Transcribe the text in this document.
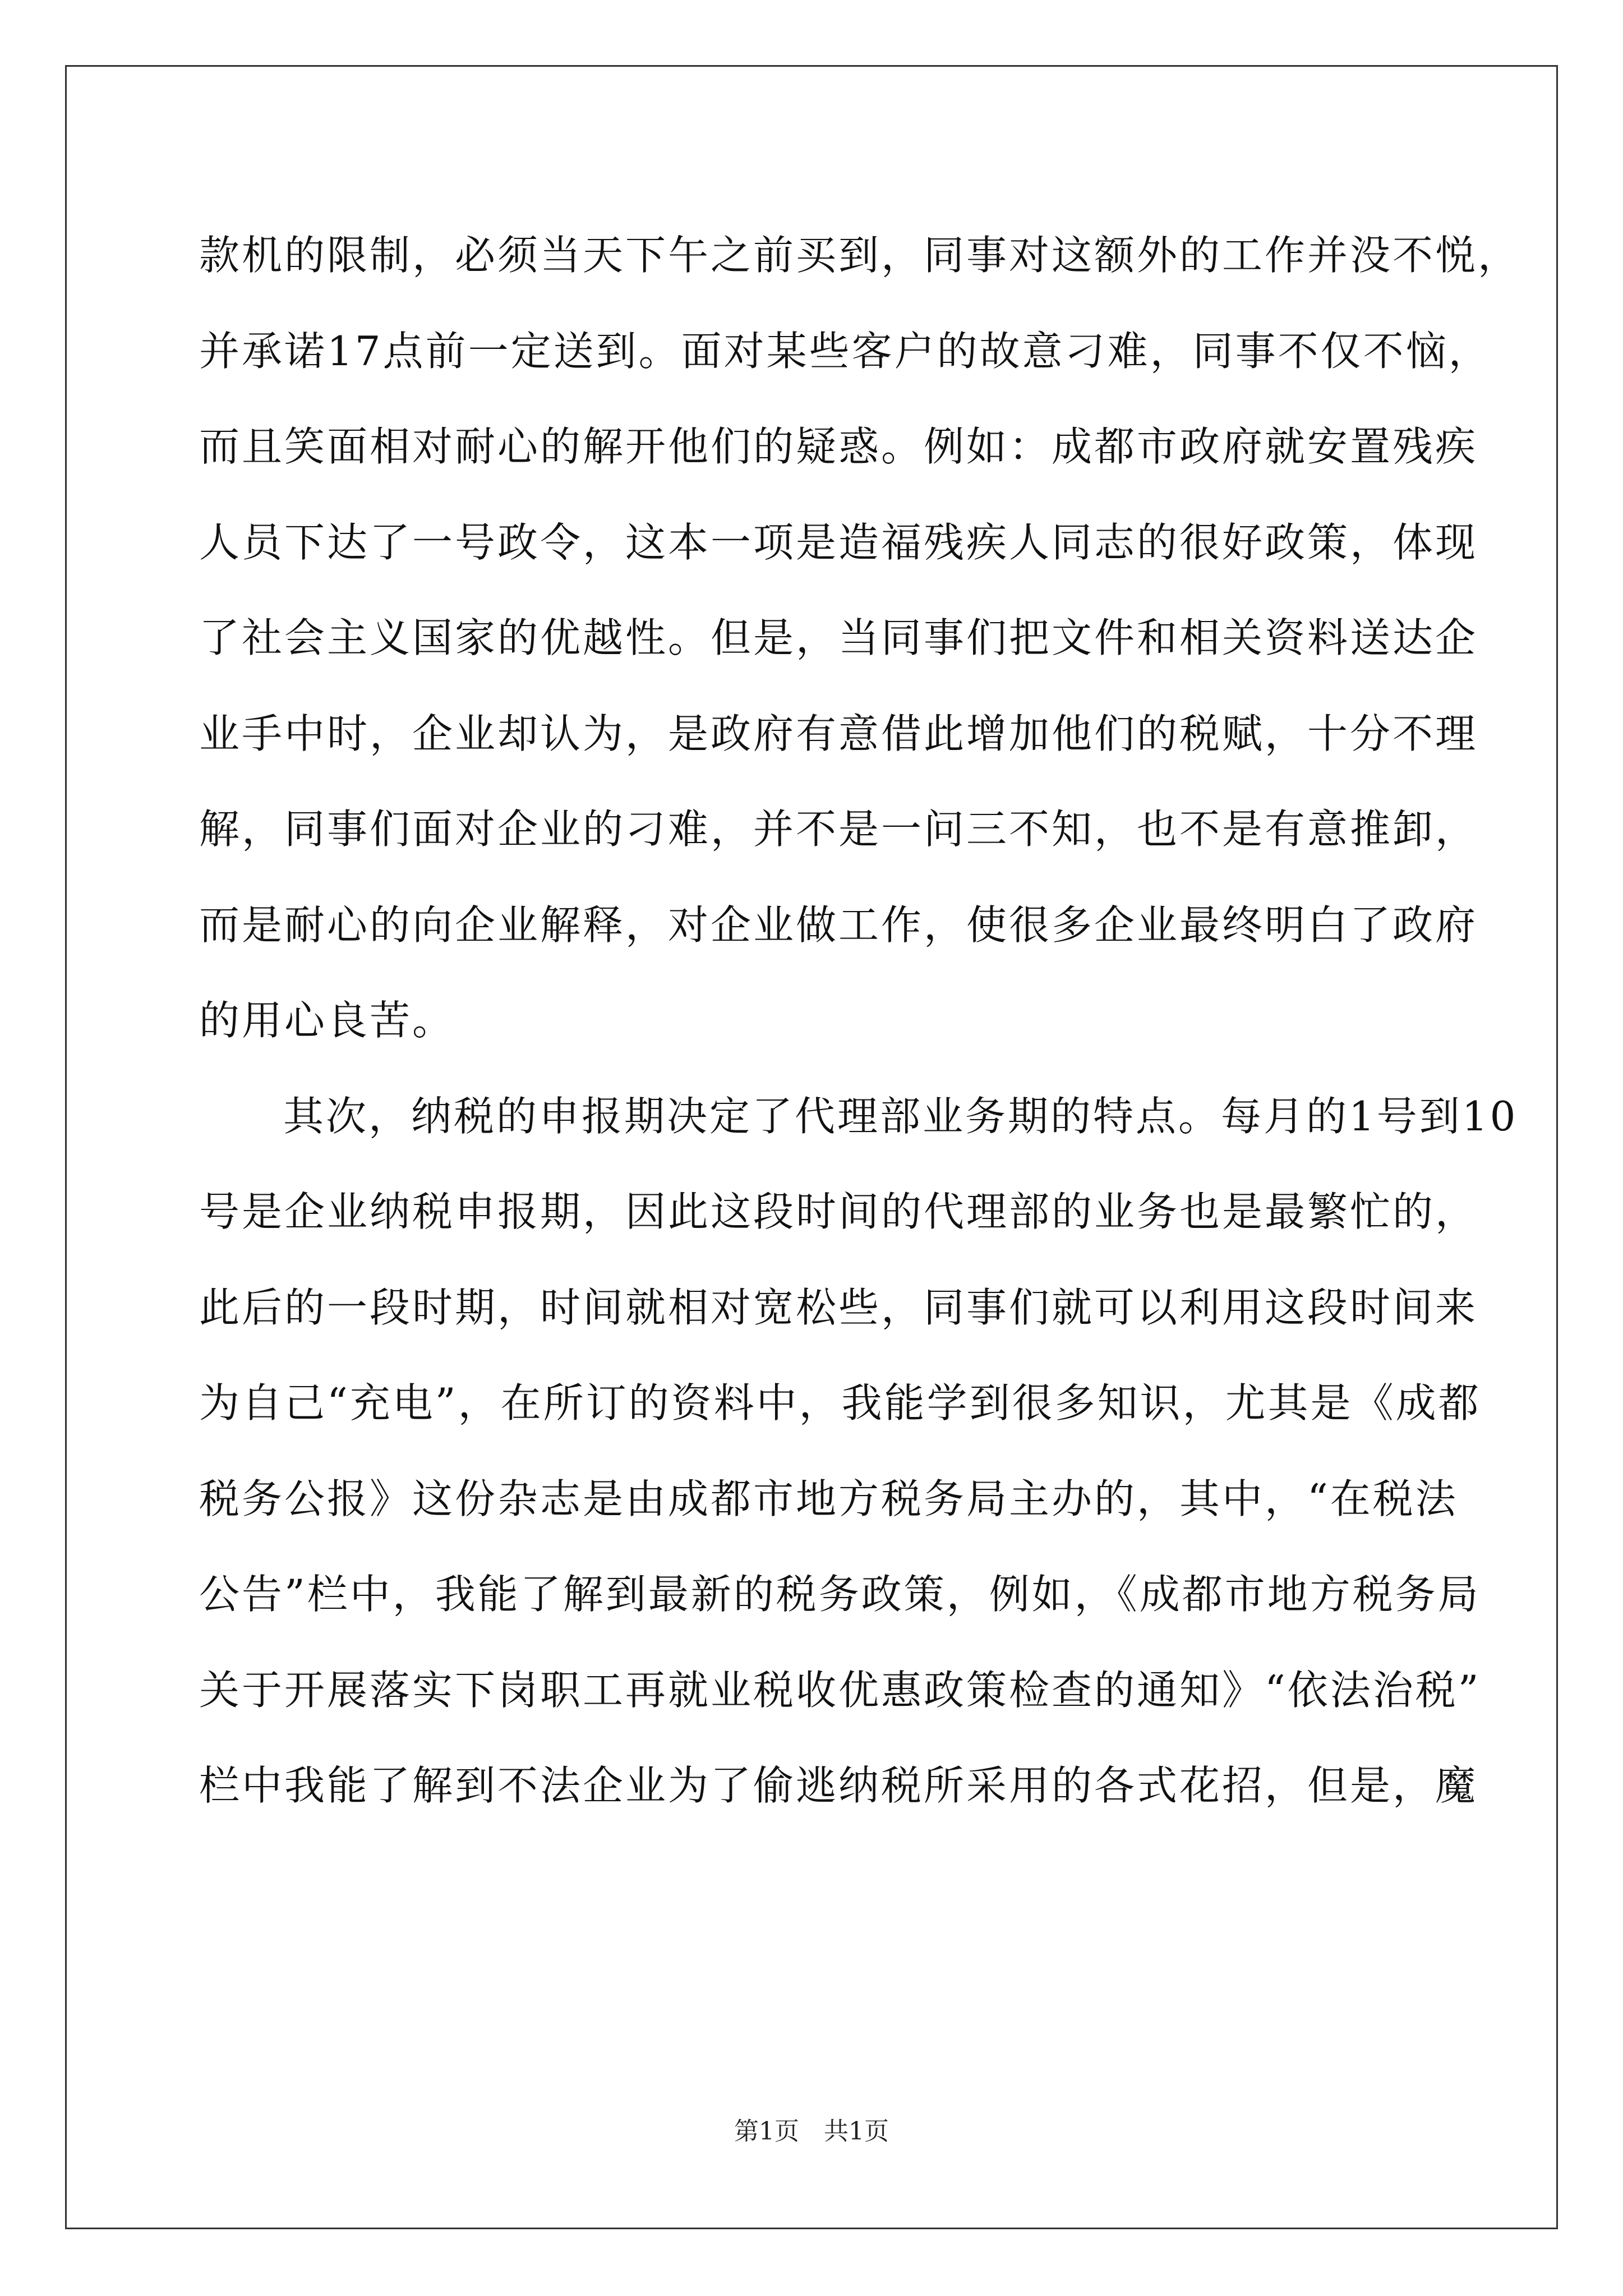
款机的限制，必须当天下午之前买到，同事对这额外的工作并没不悦，
并承诺17点前一定送到。面对某些客户的故意刁难，同事不仅不恼，
而且笑面相对耐心的解开他们的疑惑。例如：成都市政府就安置残疾
人员下达了一号政令，这本一项是造福残疾人同志的很好政策，体现
了社会主义国家的优越性。但是，当同事们把文件和相关资料送达企
业手中时，企业却认为，是政府有意借此增加他们的税赋，十分不理
解，同事们面对企业的刁难，并不是一问三不知，也不是有意推卸，
而是耐心的向企业解释，对企业做工作，使很多企业最终明白了政府
的用心良苦。
其次，纳税的申报期决定了代理部业务期的特点。每月的1号到10
号是企业纳税申报期，因此这段时间的代理部的业务也是最繁忙的，
此后的一段时期，时间就相对宽松些，同事们就可以利用这段时间来
为自己“充电”，在所订的资料中，我能学到很多知识，尤其是《成都
税务公报》这份杂志是由成都市地方税务局主办的，其中，“在税法
公告”栏中，我能了解到最新的税务政策，例如，《成都市地方税务局
关于开展落实下岗职工再就业税收优惠政策检查的通知》“依法治税”
栏中我能了解到不法企业为了偷逃纳税所采用的各式花招，但是，魔
第1页　共1页
